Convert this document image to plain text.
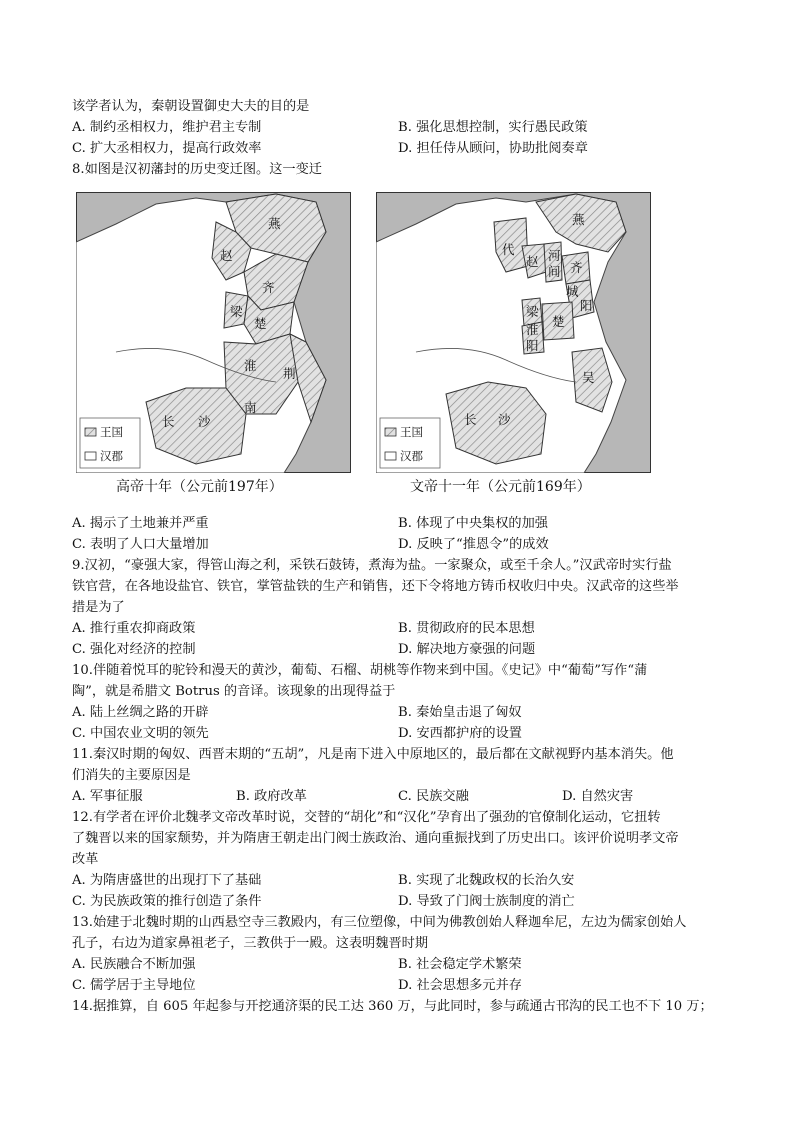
该学者认为，秦朝设置御史大夫的目的是
A. 制约丞相权力，维护君主专制	B. 强化思想控制，实行愚民政策
C. 扩大丞相权力，提高行政效率	D. 担任侍从顾问，协助批阅奏章
8.如图是汉初藩封的历史变迁图。这一变迁
燕
赵
齐
梁
楚
淮
荆
长 沙
南
王国
汉郡
燕
代
赵 河
间 齐
城
阳
梁
淮
阳
楚
吴
长 沙
王国
汉郡
高帝十年（公元前197年）	文帝十一年（公元前169年）
A. 揭示了土地兼并严重	B. 体现了中央集权的加强
C. 表明了人口大量增加	D. 反映了“推恩令”的成效
9.汉初，“豪强大家，得管山海之利，采铁石鼓铸，煮海为盐。一家聚众，或至千余人。”汉武帝时实行盐
铁官营，在各地设盐官、铁官，掌管盐铁的生产和销售，还下令将地方铸币权收归中央。汉武帝的这些举
措是为了
A. 推行重农抑商政策	B. 贯彻政府的民本思想
C. 强化对经济的控制	D. 解决地方豪强的问题
10.伴随着悦耳的驼铃和漫天的黄沙，葡萄、石榴、胡桃等作物来到中国。《史记》中“葡萄”写作“蒲
陶”，就是希腊文 Botrus 的音译。该现象的出现得益于
A. 陆上丝绸之路的开辟	B. 秦始皇击退了匈奴
C. 中国农业文明的领先	D. 安西都护府的设置
11.秦汉时期的匈奴、西晋末期的“五胡”，凡是南下进入中原地区的，最后都在文献视野内基本消失。他
们消失的主要原因是
A. 军事征服	B. 政府改革	C. 民族交融	D. 自然灾害
12.有学者在评价北魏孝文帝改革时说，交替的“胡化”和“汉化”孕育出了强劲的官僚制化运动，它扭转
了魏晋以来的国家颓势，并为隋唐王朝走出门阀士族政治、通向重振找到了历史出口。该评价说明孝文帝
改革
A. 为隋唐盛世的出现打下了基础	B. 实现了北魏政权的长治久安
C. 为民族政策的推行创造了条件	D. 导致了门阀士族制度的消亡
13.始建于北魏时期的山西悬空寺三教殿内，有三位塑像，中间为佛教创始人释迦牟尼，左边为儒家创始人
孔子，右边为道家鼻祖老子，三教供于一殿。这表明魏晋时期
A. 民族融合不断加强	B. 社会稳定学术繁荣
C. 儒学居于主导地位	D. 社会思想多元并存
14.据推算，自 605 年起参与开挖通济渠的民工达 360 万，与此同时，参与疏通古邗沟的民工也不下 10 万；
